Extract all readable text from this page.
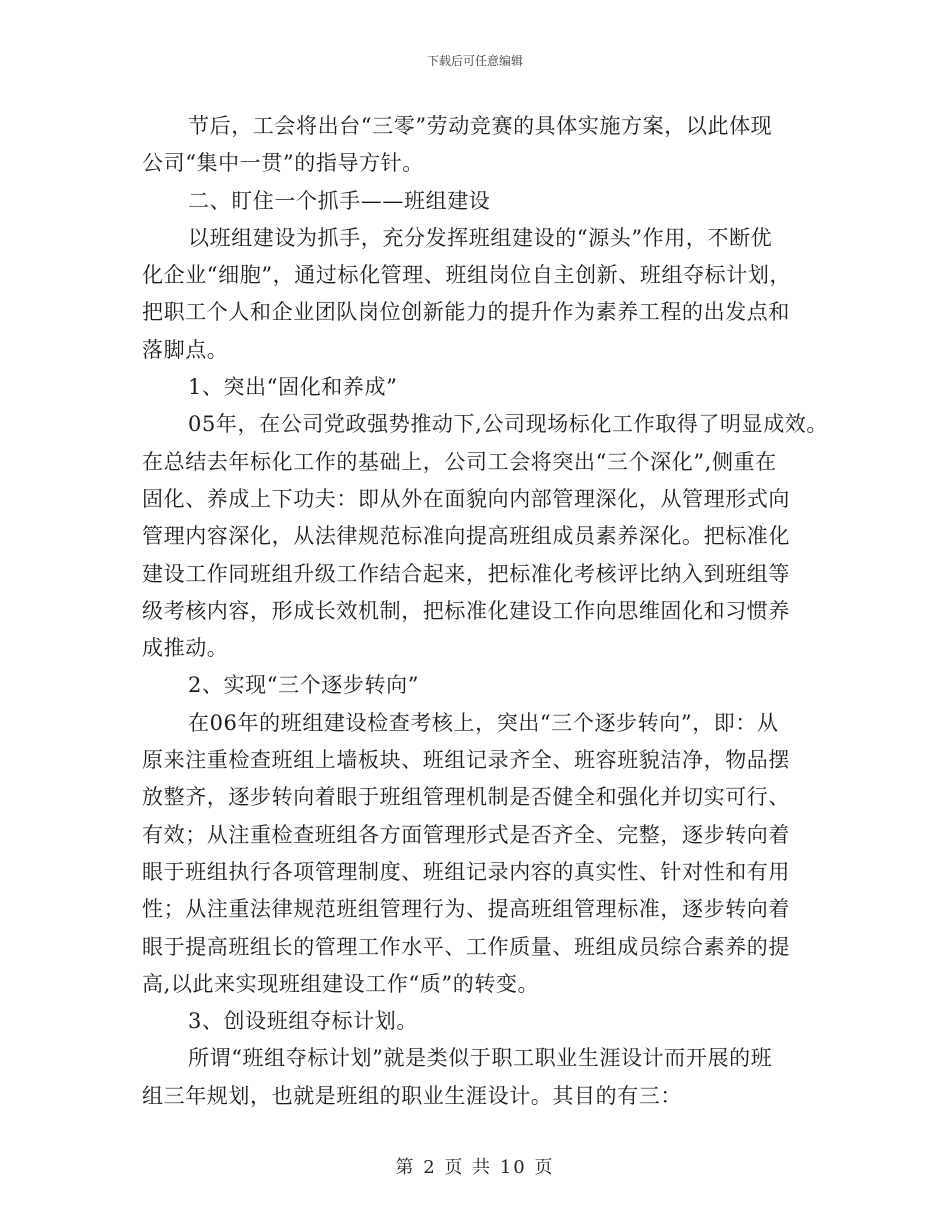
下载后可任意编辑
节后，工会将出台“三零”劳动竞赛的具体实施方案，以此体现
公司“集中一贯”的指导方针。
二、盯住一个抓手——班组建设
以班组建设为抓手，充分发挥班组建设的“源头”作用，不断优
化企业“细胞”，通过标化管理、班组岗位自主创新、班组夺标计划，
把职工个人和企业团队岗位创新能力的提升作为素养工程的出发点和
落脚点。
1、突出“固化和养成”
05年，在公司党政强势推动下,公司现场标化工作取得了明显成效。
在总结去年标化工作的基础上，公司工会将突出“三个深化”,侧重在
固化、养成上下功夫：即从外在面貌向内部管理深化，从管理形式向
管理内容深化，从法律规范标准向提高班组成员素养深化。把标准化
建设工作同班组升级工作结合起来，把标准化考核评比纳入到班组等
级考核内容，形成长效机制，把标准化建设工作向思维固化和习惯养
成推动。
2、实现“三个逐步转向”
在06年的班组建设检查考核上，突出“三个逐步转向”，即：从
原来注重检查班组上墙板块、班组记录齐全、班容班貌洁净，物品摆
放整齐，逐步转向着眼于班组管理机制是否健全和强化并切实可行、
有效；从注重检查班组各方面管理形式是否齐全、完整，逐步转向着
眼于班组执行各项管理制度、班组记录内容的真实性、针对性和有用
性；从注重法律规范班组管理行为、提高班组管理标准，逐步转向着
眼于提高班组长的管理工作水平、工作质量、班组成员综合素养的提
高,以此来实现班组建设工作“质”的转变。
3、创设班组夺标计划。
所谓“班组夺标计划”就是类似于职工职业生涯设计而开展的班
组三年规划，也就是班组的职业生涯设计。其目的有三：
第 2 页 共 10 页
